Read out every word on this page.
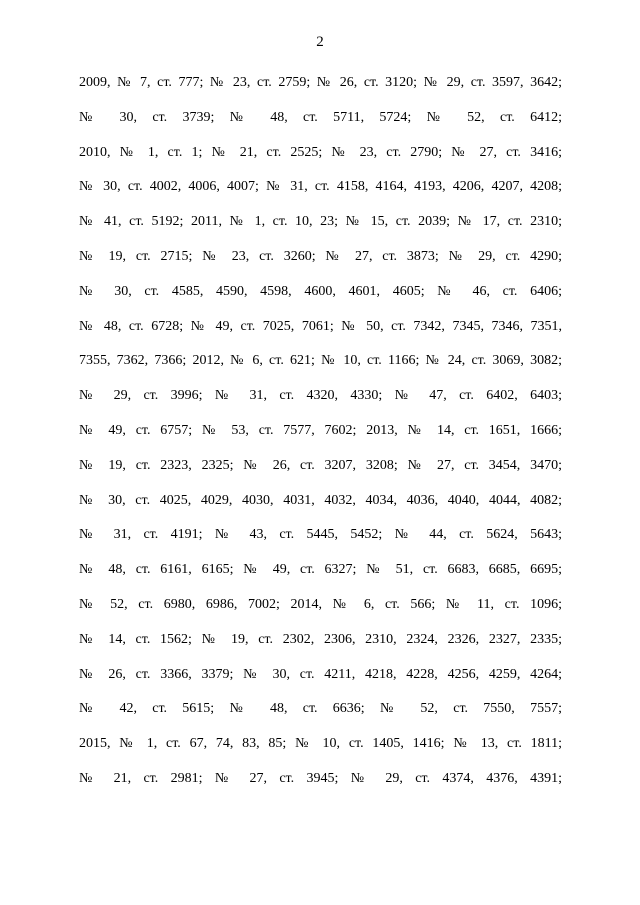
2
2009, № 7, ст. 777; № 23, ст. 2759; № 26, ст. 3120; № 29, ст. 3597, 3642;
№ 30, ст. 3739; № 48, ст. 5711, 5724; № 52, ст. 6412;
2010, № 1, ст. 1; № 21, ст. 2525; № 23, ст. 2790; № 27, ст. 3416;
№ 30, ст. 4002, 4006, 4007; № 31, ст. 4158, 4164, 4193, 4206, 4207, 4208;
№ 41, ст. 5192; 2011, № 1, ст. 10, 23; № 15, ст. 2039; № 17, ст. 2310;
№ 19, ст. 2715; № 23, ст. 3260; № 27, ст. 3873; № 29, ст. 4290;
№ 30, ст. 4585, 4590, 4598, 4600, 4601, 4605; № 46, ст. 6406;
№ 48, ст. 6728; № 49, ст. 7025, 7061; № 50, ст. 7342, 7345, 7346, 7351,
7355, 7362, 7366; 2012, № 6, ст. 621; № 10, ст. 1166; № 24, ст. 3069, 3082;
№ 29, ст. 3996; № 31, ст. 4320, 4330; № 47, ст. 6402, 6403;
№ 49, ст. 6757; № 53, ст. 7577, 7602; 2013, № 14, ст. 1651, 1666;
№ 19, ст. 2323, 2325; № 26, ст. 3207, 3208; № 27, ст. 3454, 3470;
№ 30, ст. 4025, 4029, 4030, 4031, 4032, 4034, 4036, 4040, 4044, 4082;
№ 31, ст. 4191; № 43, ст. 5445, 5452; № 44, ст. 5624, 5643;
№ 48, ст. 6161, 6165; № 49, ст. 6327; № 51, ст. 6683, 6685, 6695;
№ 52, ст. 6980, 6986, 7002; 2014, № 6, ст. 566; № 11, ст. 1096;
№ 14, ст. 1562; № 19, ст. 2302, 2306, 2310, 2324, 2326, 2327, 2335;
№ 26, ст. 3366, 3379; № 30, ст. 4211, 4218, 4228, 4256, 4259, 4264;
№ 42, ст. 5615; № 48, ст. 6636; № 52, ст. 7550, 7557;
2015, № 1, ст. 67, 74, 83, 85; № 10, ст. 1405, 1416; № 13, ст. 1811;
№ 21, ст. 2981; № 27, ст. 3945; № 29, ст. 4374, 4376, 4391;
